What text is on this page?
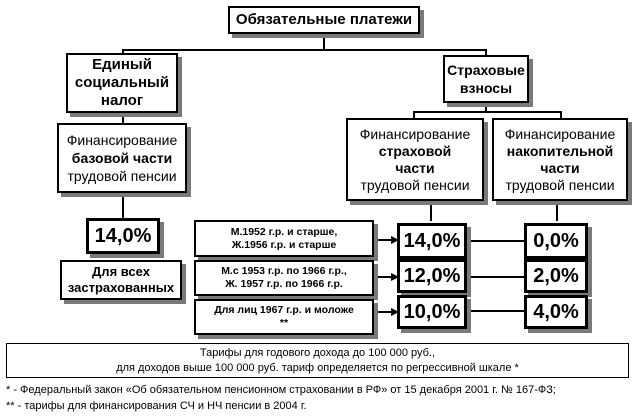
Обязательные платежи
Единый
социальный
налог
Страховые
взносы
Финансирование
базовой части
трудовой пенсии
Финансирование
страховой
части
трудовой пенсии
Финансирование
накопительной
части
трудовой пенсии
14,0%
Для всех
застрахованных
М.1952 г.р. и старше,
Ж.1956 г.р. и старше
М.с 1953 г.р. по 1966 г.р.,
Ж. 1957 г.р. по 1966 г.р.
Для лиц 1967 г.р. и моложе
**
14,0%
12,0%
10,0%
0,0%
2,0%
4,0%
Тарифы для годового дохода до 100 000 руб.,
для доходов выше 100 000 руб. тариф определяется по регрессивной шкале *
* - Федеральный закон «Об обязательном пенсионном страховании в РФ» от 15 декабря 2001 г. № 167-ФЗ;
** - тарифы для финансирования СЧ и НЧ пенсии в 2004 г.
